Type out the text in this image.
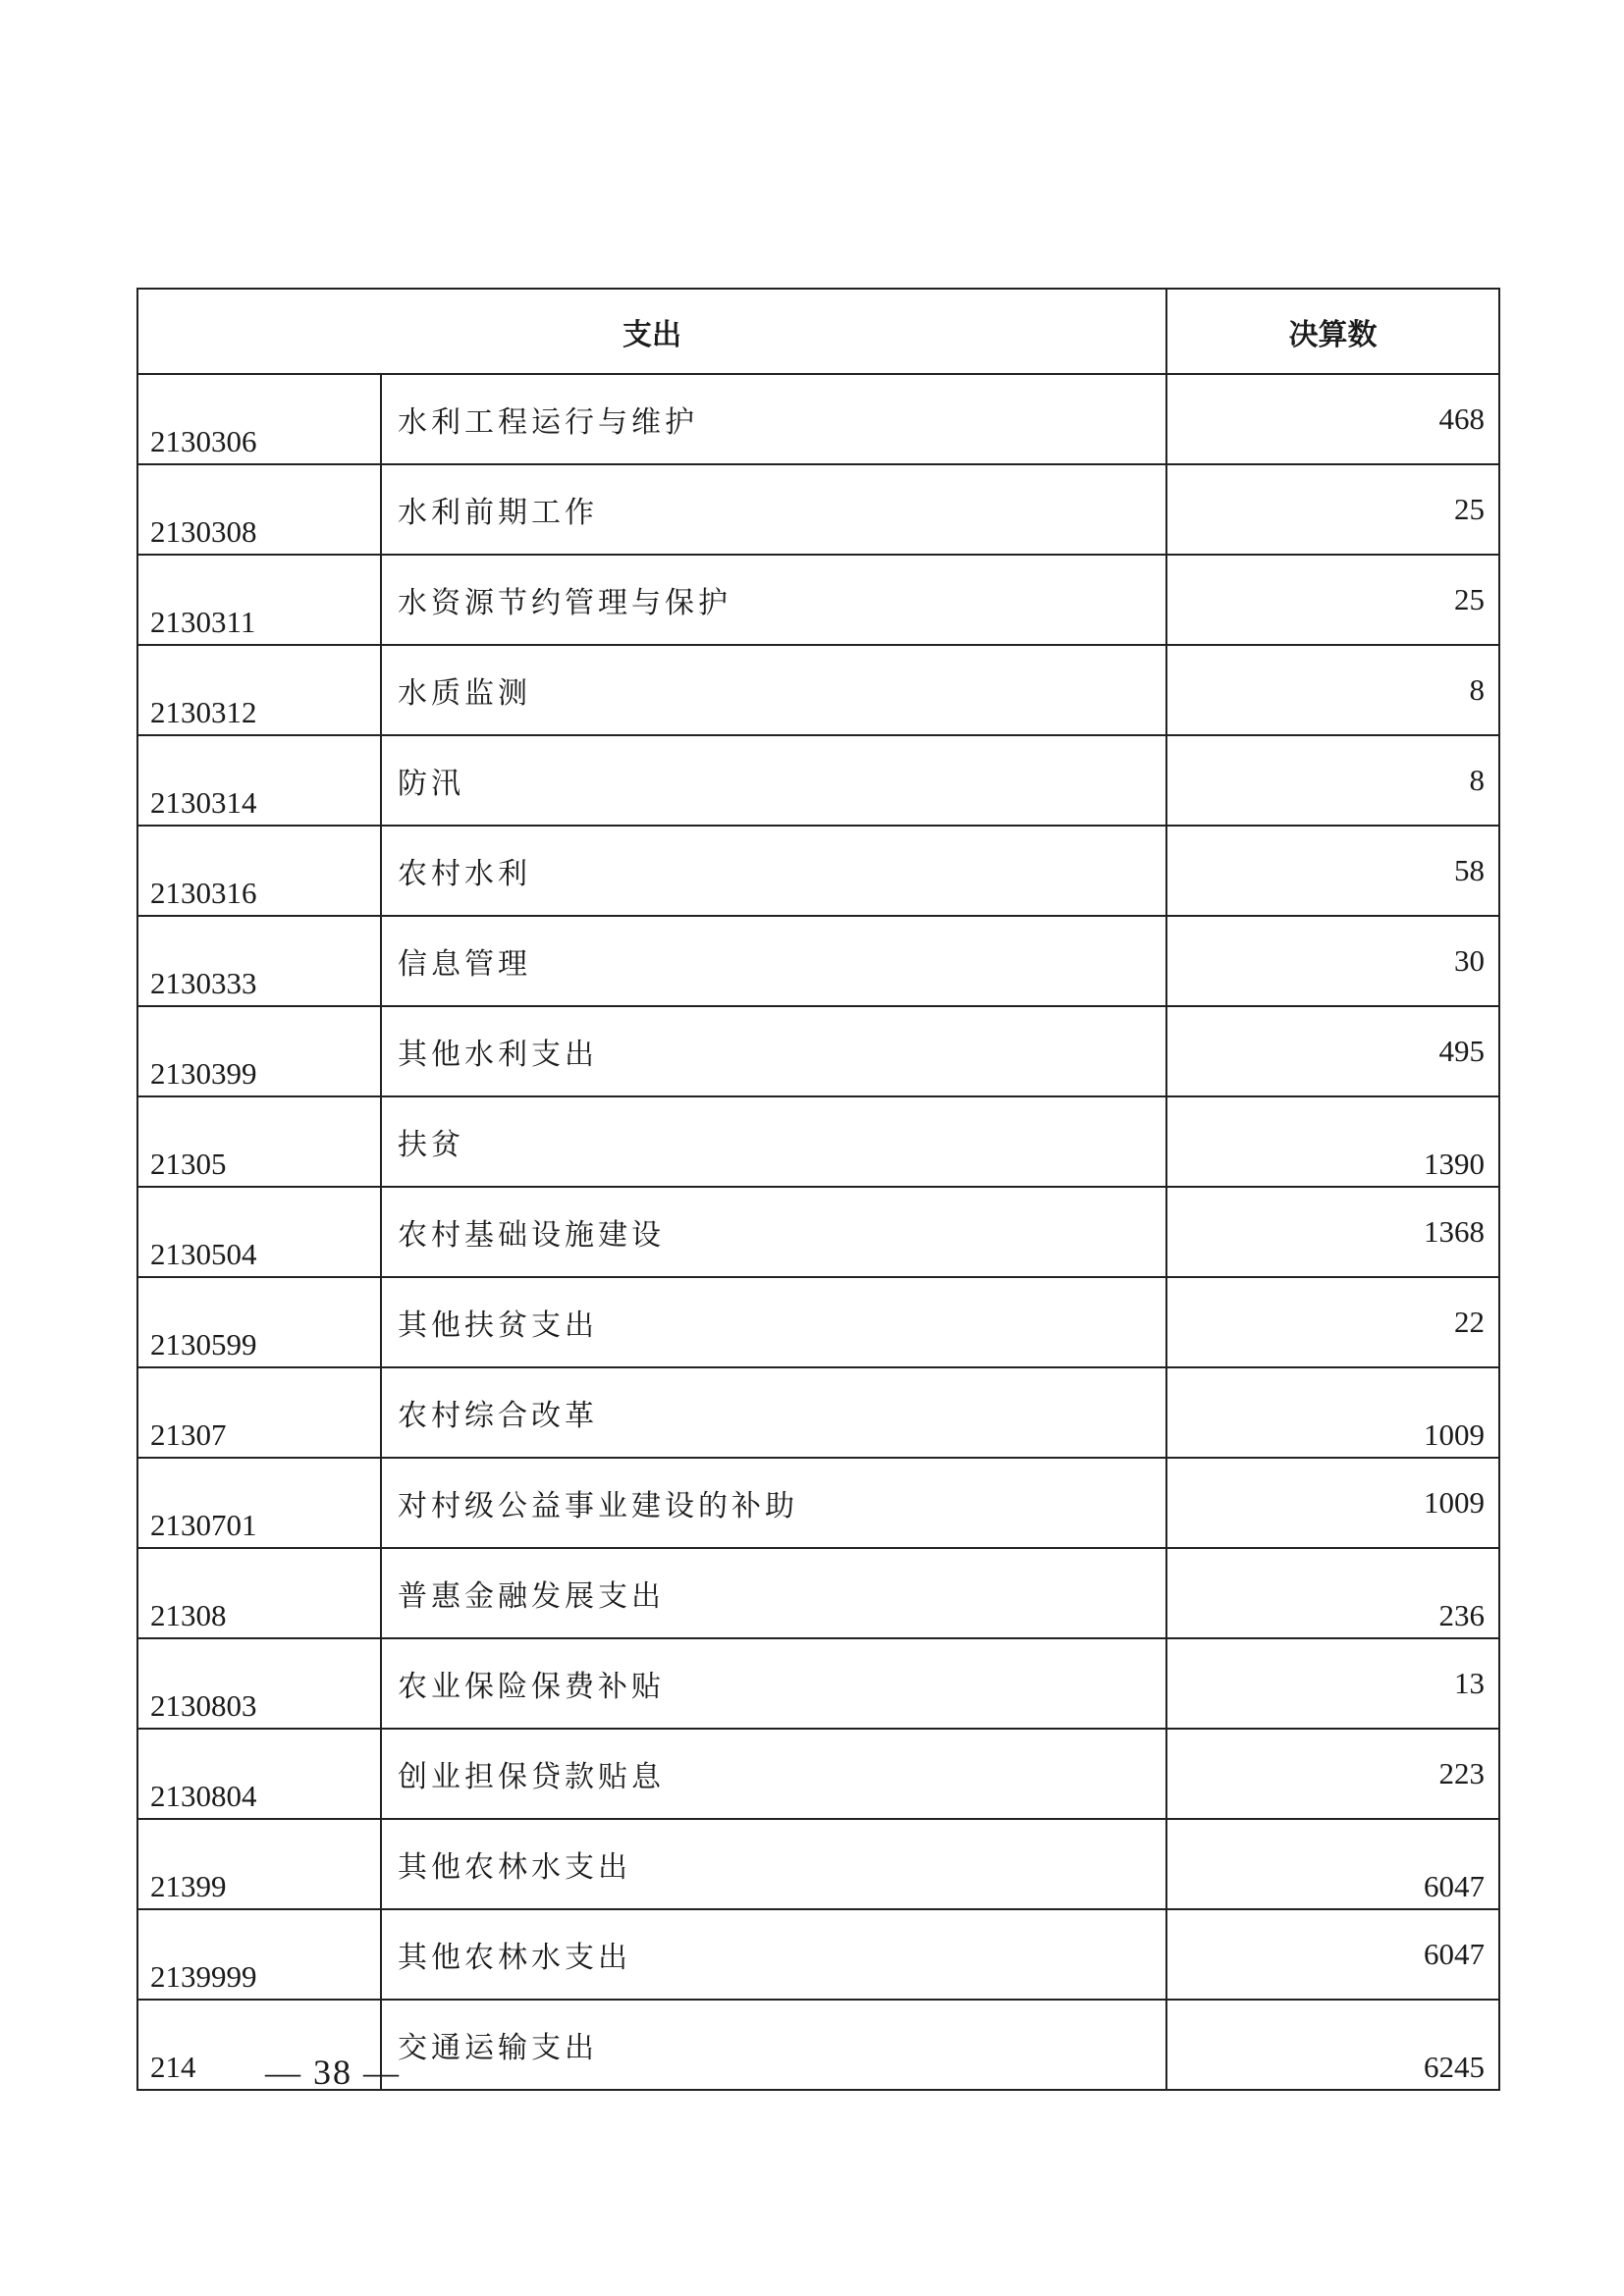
支出		决算数
2130306	水利工程运行与维护	468
2130308	水利前期工作	25
2130311	水资源节约管理与保护	25
2130312	水质监测	8
2130314	防汛	8
2130316	农村水利	58
2130333	信息管理	30
2130399	其他水利支出	495
21305	扶贫	1390
2130504	农村基础设施建设	1368
2130599	其他扶贫支出	22
21307	农村综合改革	1009
2130701	对村级公益事业建设的补助	1009
21308	普惠金融发展支出	236
2130803	农业保险保费补贴	13
2130804	创业担保贷款贴息	223
21399	其他农林水支出	6047
2139999	其他农林水支出	6047
214	交通运输支出	6245
— 38 —
